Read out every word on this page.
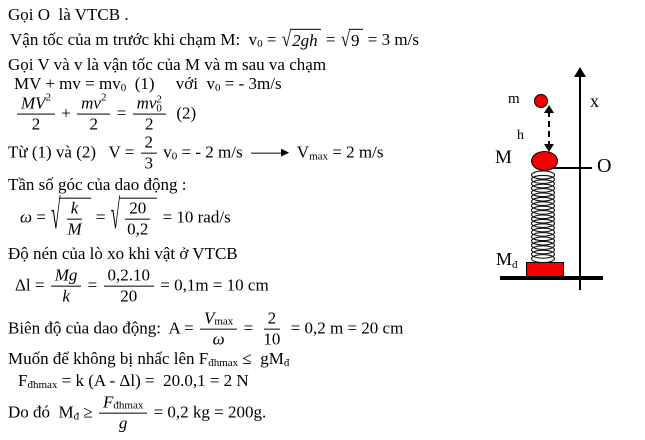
Gọi O  là VTCB .
Vận tốc của m trước khi chạm M:  v 0 = √ 2gh = √ 9 = 3 m/s
Gọi V và v là vận tốc của M và m sau va chạm
MV + mv = mv 0 (1)     với  v 0 = - 3m/s
$\frac{MV 2}{2} + \frac{mv 2}{2}$ = mv 2
0
2 (2)
Từ (1) và (2)   $V = \frac{2}{3}$ v 0 = - 2 m/s	V max = 2 m/s
Tần số góc của dao động :
ω = √ $\frac{k}{M}$ = √ $\frac{20}{0,2} = 10$ rad/s
Độ nén của lò xo khi vật ở VTCB
$\Delta l = \frac{Mg}{k} = \frac{0,2.10}{20} = 0,1m = 10$ cm
Biên độ của dao động:  $A = \frac{\text{V max}}{\omega} = \frac{2}{10} = 0,2$ m = 20 cm
Muốn để không bị nhấc lên F đhmax ≤  gM đ
F đhmax = k (A - Δl) =  20.0,1 = 2 N
Do đó  M đ ≥ $\frac{\text{F đhmax}}{g} = 0,2$ kg = 200g.
x
O
m
h
M
Mđ
